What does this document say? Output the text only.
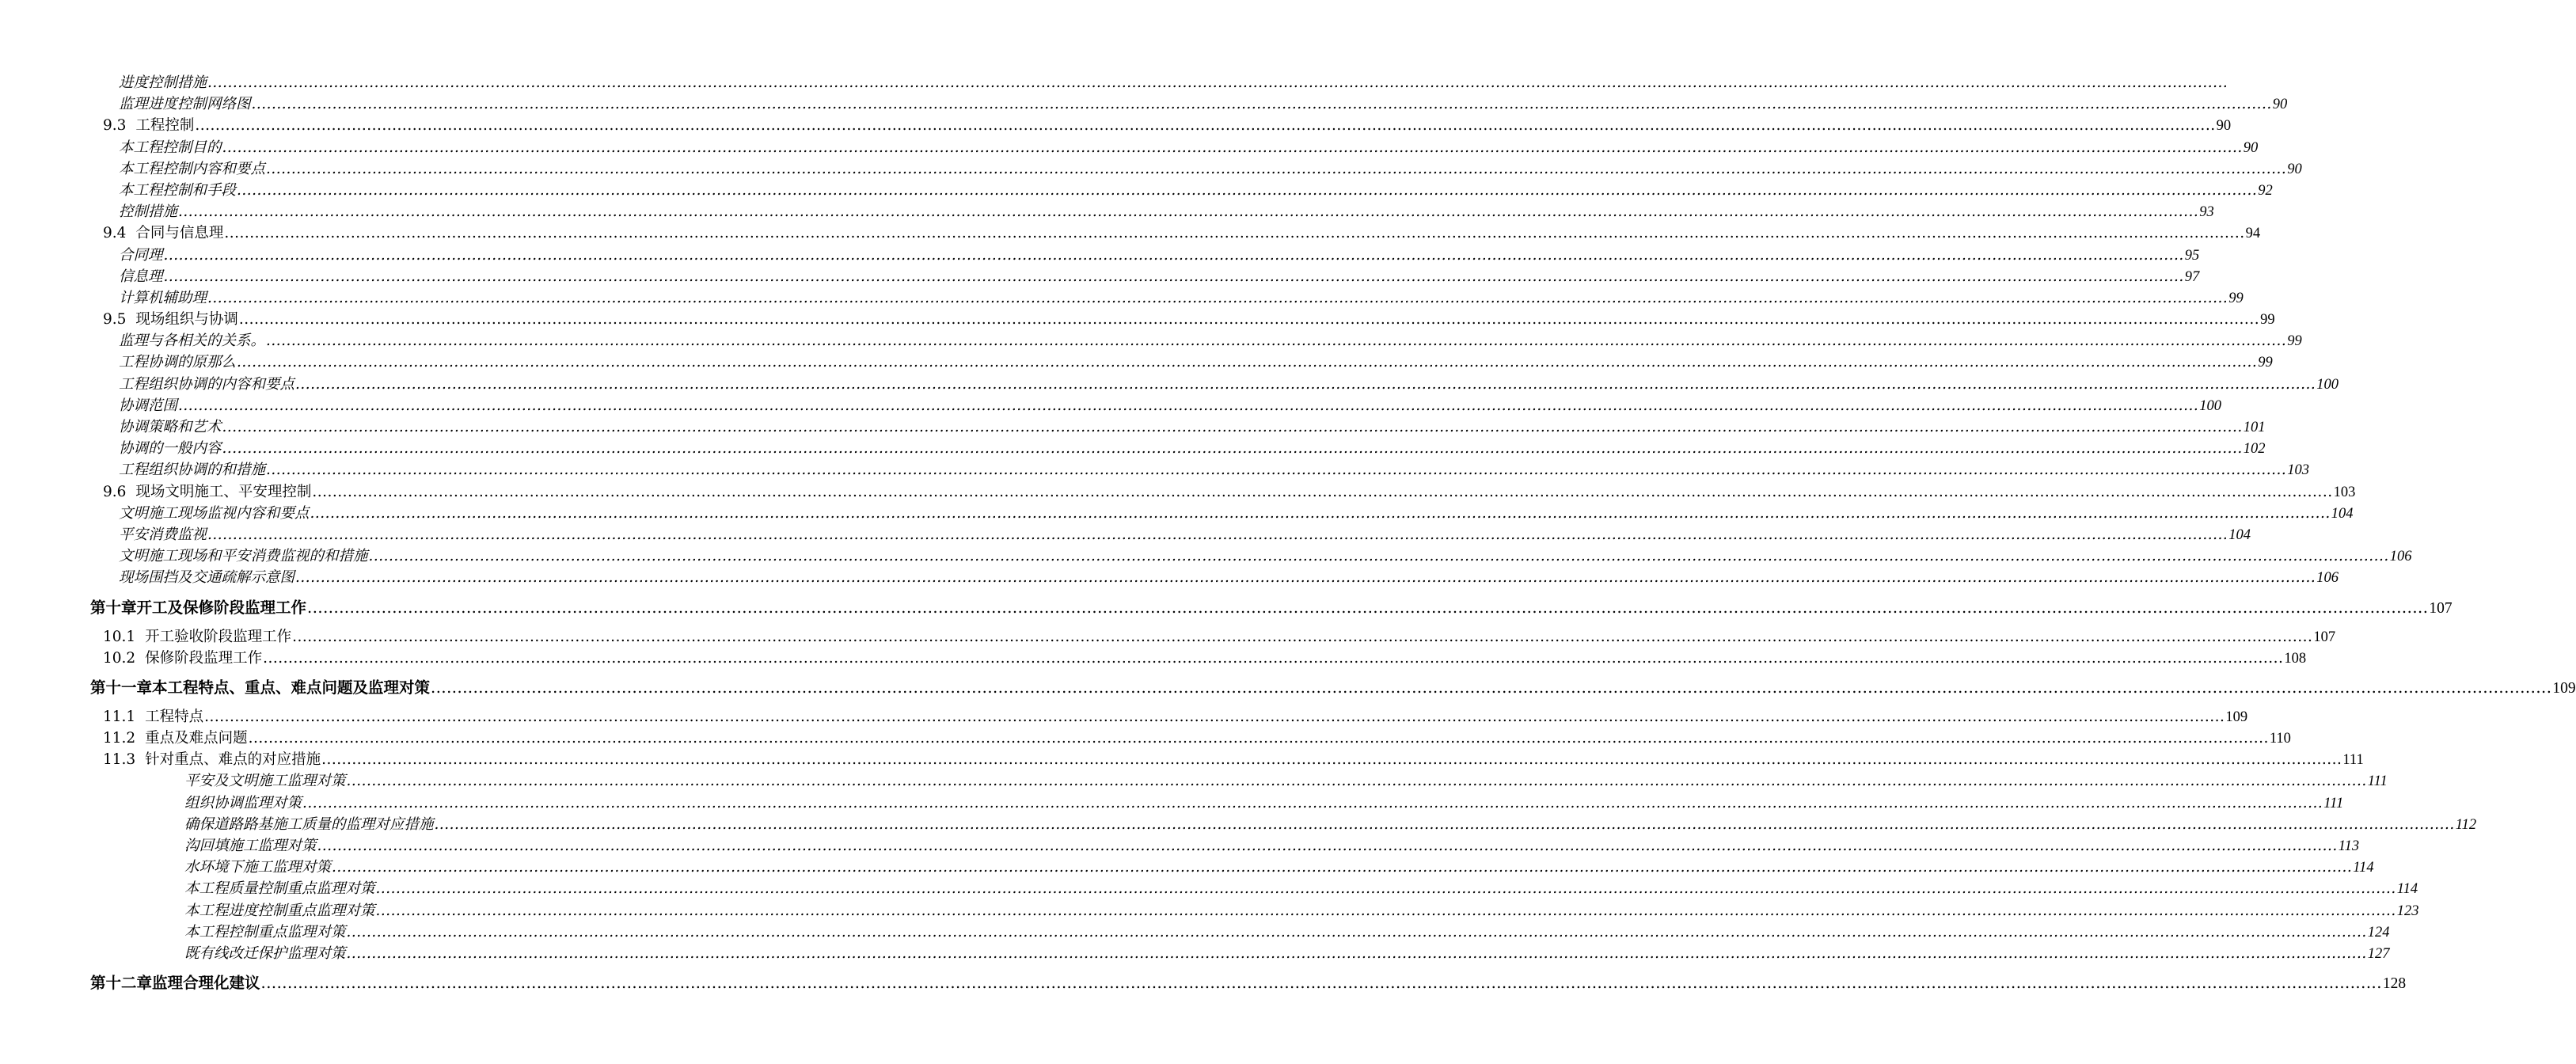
进度控制措施 ................................................................................................................................................................................................................................................................................................................................................................................................................
监理进度控制网络图 ................................................................................................................................................................................................................................................................................................................................................................................................................ 90
9.3 工程控制 ................................................................................................................................................................................................................................................................................................................................................................................................................ 90
本工程控制目的 ................................................................................................................................................................................................................................................................................................................................................................................................................ 90
本工程控制内容和要点 ................................................................................................................................................................................................................................................................................................................................................................................................................ 90
本工程控制和手段 ................................................................................................................................................................................................................................................................................................................................................................................................................ 92
控制措施 ................................................................................................................................................................................................................................................................................................................................................................................................................ 93
9.4 合同与信息理 ................................................................................................................................................................................................................................................................................................................................................................................................................ 94
合同理 ................................................................................................................................................................................................................................................................................................................................................................................................................ 95
信息理 ................................................................................................................................................................................................................................................................................................................................................................................................................ 97
计算机辅助理 ................................................................................................................................................................................................................................................................................................................................................................................................................ 99
9.5 现场组织与协调 ................................................................................................................................................................................................................................................................................................................................................................................................................ 99
监理与各相关的关系。 ................................................................................................................................................................................................................................................................................................................................................................................................................ 99
工程协调的原那么 ................................................................................................................................................................................................................................................................................................................................................................................................................ 99
工程组织协调的内容和要点 ................................................................................................................................................................................................................................................................................................................................................................................................................ 100
协调范围 ................................................................................................................................................................................................................................................................................................................................................................................................................ 100
协调策略和艺术 ................................................................................................................................................................................................................................................................................................................................................................................................................ 101
协调的一般内容 ................................................................................................................................................................................................................................................................................................................................................................................................................ 102
工程组织协调的和措施 ................................................................................................................................................................................................................................................................................................................................................................................................................ 103
9.6 现场文明施工、平安理控制 ................................................................................................................................................................................................................................................................................................................................................................................................................ 103
文明施工现场监视内容和要点 ................................................................................................................................................................................................................................................................................................................................................................................................................ 104
平安消费监视 ................................................................................................................................................................................................................................................................................................................................................................................................................ 104
文明施工现场和平安消费监视的和措施 ................................................................................................................................................................................................................................................................................................................................................................................................................ 106
现场围挡及交通疏解示意图 ................................................................................................................................................................................................................................................................................................................................................................................................................ 106
第十章开工及保修阶段监理工作 ................................................................................................................................................................................................................................................................................................................................................................................................................ 107
10.1 开工验收阶段监理工作 ................................................................................................................................................................................................................................................................................................................................................................................................................ 107
10.2 保修阶段监理工作 ................................................................................................................................................................................................................................................................................................................................................................................................................ 108
第十一章本工程特点、重点、难点问题及监理对策 ................................................................................................................................................................................................................................................................................................................................................................................................................ 109
11.1 工程特点 ................................................................................................................................................................................................................................................................................................................................................................................................................ 109
11.2 重点及难点问题 ................................................................................................................................................................................................................................................................................................................................................................................................................ 110
11.3 针对重点、难点的对应措施 ................................................................................................................................................................................................................................................................................................................................................................................................................ 111
平安及文明施工监理对策 ................................................................................................................................................................................................................................................................................................................................................................................................................ 111
组织协调监理对策 ................................................................................................................................................................................................................................................................................................................................................................................................................ 111
确保道路路基施工质量的监理对应措施 ................................................................................................................................................................................................................................................................................................................................................................................................................ 112
沟回填施工监理对策 ................................................................................................................................................................................................................................................................................................................................................................................................................ 113
水环境下施工监理对策 ................................................................................................................................................................................................................................................................................................................................................................................................................ 114
本工程质量控制重点监理对策 ................................................................................................................................................................................................................................................................................................................................................................................................................ 114
本工程进度控制重点监理对策 ................................................................................................................................................................................................................................................................................................................................................................................................................ 123
本工程控制重点监理对策 ................................................................................................................................................................................................................................................................................................................................................................................................................ 124
既有线改迁保护监理对策 ................................................................................................................................................................................................................................................................................................................................................................................................................ 127
第十二章监理合理化建议 ................................................................................................................................................................................................................................................................................................................................................................................................................ 128
